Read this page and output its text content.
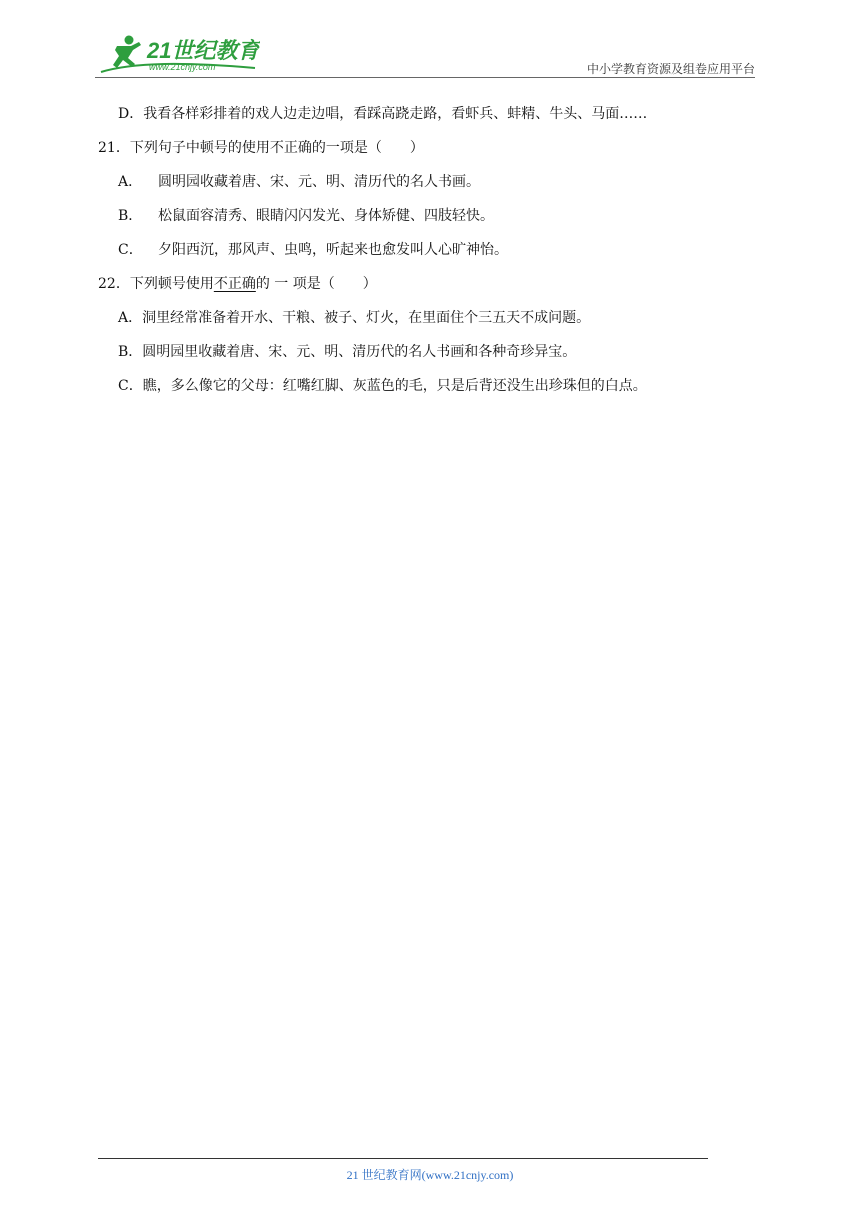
21世纪教育
www.21cnjy.com	中小学教育资源及组卷应用平台
D．我看各样彩排着的戏人边走边唱，看踩高跷走路，看虾兵、蚌精、牛头、马面……
21．下列句子中顿号的使用不正确的一项是（　　）
A． 圆明园收藏着唐、宋、元、明、清历代的名人书画。
B． 松鼠面容清秀、眼睛闪闪发光、身体矫健、四肢轻快。
C． 夕阳西沉，那风声、虫鸣，听起来也愈发叫人心旷神怡。
22．下列顿号使用不正确的 一 项是（　　）
A．洞里经常准备着开水、干粮、被子、灯火，在里面住个三五天不成问题。
B．圆明园里收藏着唐、宋、元、明、清历代的名人书画和各种奇珍异宝。
C．瞧，多么像它的父母：红嘴红脚、灰蓝色的毛，只是后背还没生出珍珠但的白点。
21 世纪教育网(www.21cnjy.com)
